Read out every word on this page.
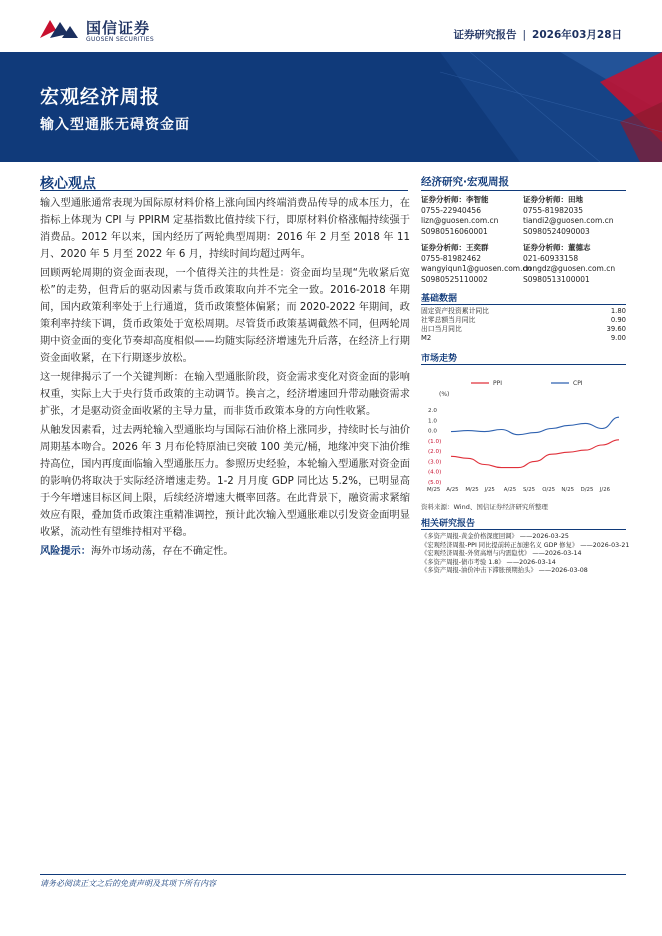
国信证券
GUOSEN SECURITIES	证券研究报告 | 2026年03月28日
宏观经济周报
输入型通胀无碍资金面
核心观点

输入型通胀通常表现为国际原材料价格上涨向国内终端消费品传导的成本压力，在指标上体现为 CPI 与 PPIRM 定基指数比值持续下行，即原材料价格涨幅持续强于消费品。2012 年以来，国内经历了两轮典型周期：2016 年 2 月至 2018 年 11 月、2020 年 5 月至 2022 年 6 月，持续时间均超过两年。

回顾两轮周期的资金面表现，一个值得关注的共性是：资金面均呈现“先收紧后宽松”的走势，但背后的驱动因素与货币政策取向并不完全一致。2016-2018 年期间，国内政策利率处于上行通道，货币政策整体偏紧；而 2020-2022 年期间，政策利率持续下调，货币政策处于宽松周期。尽管货币政策基调截然不同，但两轮周期中资金面的变化节奏却高度相似——均随实际经济增速先升后落，在经济上行期资金面收紧，在下行期逐步放松。

这一规律揭示了一个关键判断：在输入型通胀阶段，资金需求变化对资金面的影响权重，实际上大于央行货币政策的主动调节。换言之，经济增速回升带动融资需求扩张，才是驱动资金面收紧的主导力量，而非货币政策本身的方向性收紧。

从触发因素看，过去两轮输入型通胀均与国际石油价格上涨同步，持续时长与油价周期基本吻合。2026 年 3 月布伦特原油已突破 100 美元/桶，地缘冲突下油价维持高位，国内再度面临输入型通胀压力。参照历史经验，本轮输入型通胀对资金面的影响仍将取决于实际经济增速走势。1-2 月月度 GDP 同比达 5.2%，已明显高于今年增速目标区间上限，后续经济增速大概率回落。在此背景下，融资需求紧缩效应有限，叠加货币政策注重精准调控，预计此次输入型通胀难以引发资金面明显收紧，流动性有望维持相对平稳。

风险提示：海外市场动荡，存在不确定性。

经济研究·宏观周报
证券分析师：李智能
0755-22940456
lizn@guosen.com.cn
S0980516060001
证券分析师：田地
0755-81982035
tiandi2@guosen.com.cn
S0980524090003
证券分析师：王奕群
0755-81982462
wangyiqun1@guosen.com.cn
S0980525110002
证券分析师：董德志
021-60933158
dongdz@guosen.com.cn
S0980513100001
基础数据
固定资产投资累计同比	1.80
社零总额当月同比	0.90
出口当月同比	39.60
M2	9.00
市场走势
(%)
PPI	CPI
2.0
1.0
0.0
(1.0)
(2.0)
(3.0)
(4.0)
(5.0)
M/25 A/25 M/25 J/25 A/25 S/25 O/25 N/25 D/25 J/26
资料来源：Wind、国信证券经济研究所整理
相关研究报告
《多资产周报-黄金价格深度回调》 ——2026-03-25
《宏观经济周报-PPI 同比提前转正加速名义 GDP 修复》 ——2026-03-21
《宏观经济周报-外贸高增与内需隐忧》 ——2026-03-14
《多资产周报-债市考验 1.8》 ——2026-03-14
《多资产周报-油价冲击下滞胀预期抬头》 ——2026-03-08
请务必阅读正文之后的免责声明及其项下所有内容
